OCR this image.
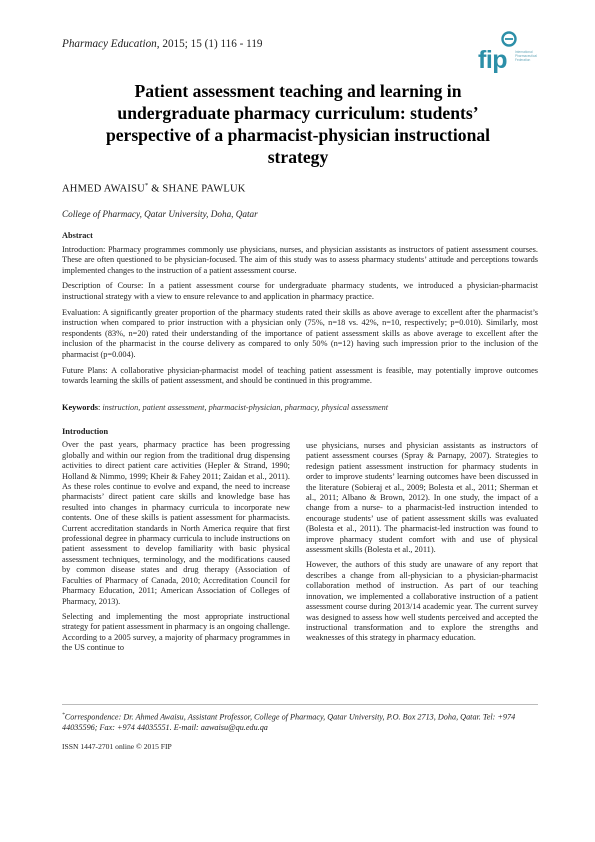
Pharmacy Education, 2015; 15 (1) 116 - 119
fip International Pharmaceutical Federation
Patient assessment teaching and learning in undergraduate pharmacy curriculum: students’ perspective of a pharmacist-physician instructional strategy
AHMED AWAISU* & SHANE PAWLUK
College of Pharmacy, Qatar University, Doha, Qatar
Abstract

Introduction: Pharmacy programmes commonly use physicians, nurses, and physician assistants as instructors of patient assessment courses. These are often questioned to be physician-focused. The aim of this study was to assess pharmacy students’ attitude and perceptions towards implemented changes to the instruction of a patient assessment course.

Description of Course: In a patient assessment course for undergraduate pharmacy students, we introduced a physician-pharmacist instructional strategy with a view to ensure relevance to and application in pharmacy practice.

Evaluation: A significantly greater proportion of the pharmacy students rated their skills as above average to excellent after the pharmacist’s instruction when compared to prior instruction with a physician only (75%, n=18 vs. 42%, n=10, respectively; p=0.010). Similarly, most respondents (83%, n=20) rated their understanding of the importance of patient assessment skills as above average to excellent after the inclusion of the pharmacist in the course delivery as compared to only 50% (n=12) having such impression prior to the inclusion of the pharmacist (p=0.004).

Future Plans: A collaborative physician-pharmacist model of teaching patient assessment is feasible, may potentially improve outcomes towards learning the skills of patient assessment, and should be continued in this programme.

Keywords: instruction, patient assessment, pharmacist-physician, pharmacy, physical assessment
Introduction

Over the past years, pharmacy practice has been progressing globally and within our region from the traditional drug dispensing activities to direct patient care activities (Hepler & Strand, 1990; Holland & Nimmo, 1999; Kheir & Fahey 2011; Zaidan et al., 2011). As these roles continue to evolve and expand, the need to increase pharmacists’ direct patient care skills and knowledge base has resulted into changes in pharmacy curricula to incorporate new contents. One of these skills is patient assessment for pharmacists. Current accreditation standards in North America require that first professional degree in pharmacy curricula to include instructions on patient assessment to develop familiarity with basic physical assessment techniques, terminology, and the modifications caused by common disease states and drug therapy (Association of Faculties of Pharmacy of Canada, 2010; Accreditation Council for Pharmacy Education, 2011; American Association of Colleges of Pharmacy, 2013).

Selecting and implementing the most appropriate instructional strategy for patient assessment in pharmacy is an ongoing challenge. According to a 2005 survey, a majority of pharmacy programmes in the US continue to

use physicians, nurses and physician assistants as instructors of patient assessment courses (Spray & Parnapy, 2007). Strategies to redesign patient assessment instruction for pharmacy students in order to improve students’ learning outcomes have been discussed in the literature (Sobieraj et al., 2009; Bolesta et al., 2011; Sherman et al., 2011; Albano & Brown, 2012). In one study, the impact of a change from a nurse- to a pharmacist-led instruction intended to encourage students’ use of patient assessment skills was evaluated (Bolesta et al., 2011). The pharmacist-led instruction was found to improve pharmacy student comfort with and use of physical assessment skills (Bolesta et al., 2011).

However, the authors of this study are unaware of any report that describes a change from all-physician to a physician-pharmacist collaboration method of instruction. As part of our teaching innovation, we implemented a collaborative instruction of a patient assessment course during 2013/14 academic year. The current survey was designed to assess how well students perceived and accepted the instructional transformation and to explore the strengths and weaknesses of this strategy in pharmacy education.

*Correspondence: Dr. Ahmed Awaisu, Assistant Professor, College of Pharmacy, Qatar University, P.O. Box 2713, Doha, Qatar. Tel: +974 44035596; Fax: +974 44035551. E-mail: aawaisu@qu.edu.qa
ISSN 1447-2701 online © 2015 FIP
